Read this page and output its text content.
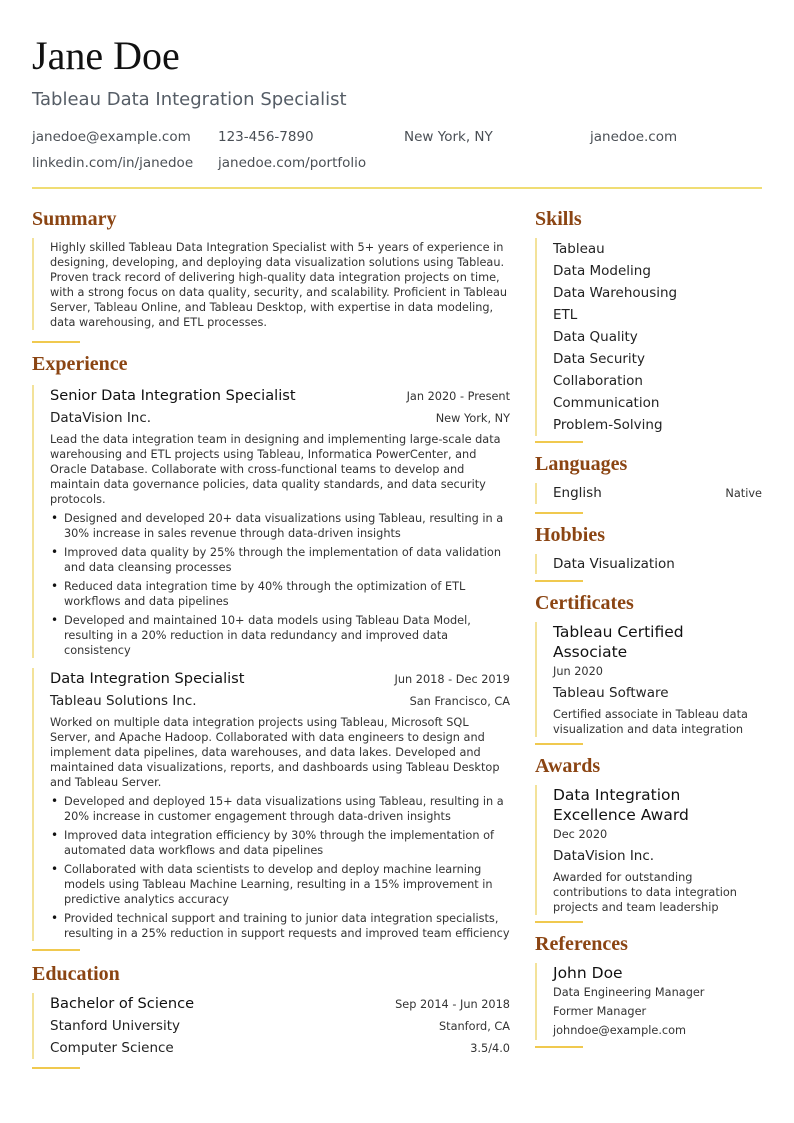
Jane Doe
Tableau Data Integration Specialist
janedoe@example.com	123-456-7890	New York, NY	janedoe.com
linkedin.com/in/janedoe	janedoe.com/portfolio
Summary
Highly skilled Tableau Data Integration Specialist with 5+ years of experience in designing, developing, and deploying data visualization solutions using Tableau. Proven track record of delivering high-quality data integration projects on time, with a strong focus on data quality, security, and scalability. Proficient in Tableau Server, Tableau Online, and Tableau Desktop, with expertise in data modeling, data warehousing, and ETL processes.
Experience
Senior Data Integration Specialist	Jan 2020 - Present
DataVision Inc.	New York, NY
Lead the data integration team in designing and implementing large-scale data warehousing and ETL projects using Tableau, Informatica PowerCenter, and Oracle Database. Collaborate with cross-functional teams to develop and maintain data governance policies, data quality standards, and data security protocols.
• Designed and developed 20+ data visualizations using Tableau, resulting in a 30% increase in sales revenue through data-driven insights
• Improved data quality by 25% through the implementation of data validation and data cleansing processes
• Reduced data integration time by 40% through the optimization of ETL workflows and data pipelines
• Developed and maintained 10+ data models using Tableau Data Model, resulting in a 20% reduction in data redundancy and improved data consistency
Data Integration Specialist	Jun 2018 - Dec 2019
Tableau Solutions Inc.	San Francisco, CA
Worked on multiple data integration projects using Tableau, Microsoft SQL Server, and Apache Hadoop. Collaborated with data engineers to design and implement data pipelines, data warehouses, and data lakes. Developed and maintained data visualizations, reports, and dashboards using Tableau Desktop and Tableau Server.
• Developed and deployed 15+ data visualizations using Tableau, resulting in a 20% increase in customer engagement through data-driven insights
• Improved data integration efficiency by 30% through the implementation of automated data workflows and data pipelines
• Collaborated with data scientists to develop and deploy machine learning models using Tableau Machine Learning, resulting in a 15% improvement in predictive analytics accuracy
• Provided technical support and training to junior data integration specialists, resulting in a 25% reduction in support requests and improved team efficiency
Education
Bachelor of Science	Sep 2014 - Jun 2018
Stanford University	Stanford, CA
Computer Science	3.5/4.0
Skills
Tableau
Data Modeling
Data Warehousing
ETL
Data Quality
Data Security
Collaboration
Communication
Problem-Solving
Languages
English	Native
Hobbies
Data Visualization
Certificates
Tableau Certified Associate
Jun 2020
Tableau Software
Certified associate in Tableau data visualization and data integration
Awards
Data Integration Excellence Award
Dec 2020
DataVision Inc.
Awarded for outstanding contributions to data integration projects and team leadership
References
John Doe
Data Engineering Manager
Former Manager
johndoe@example.com
